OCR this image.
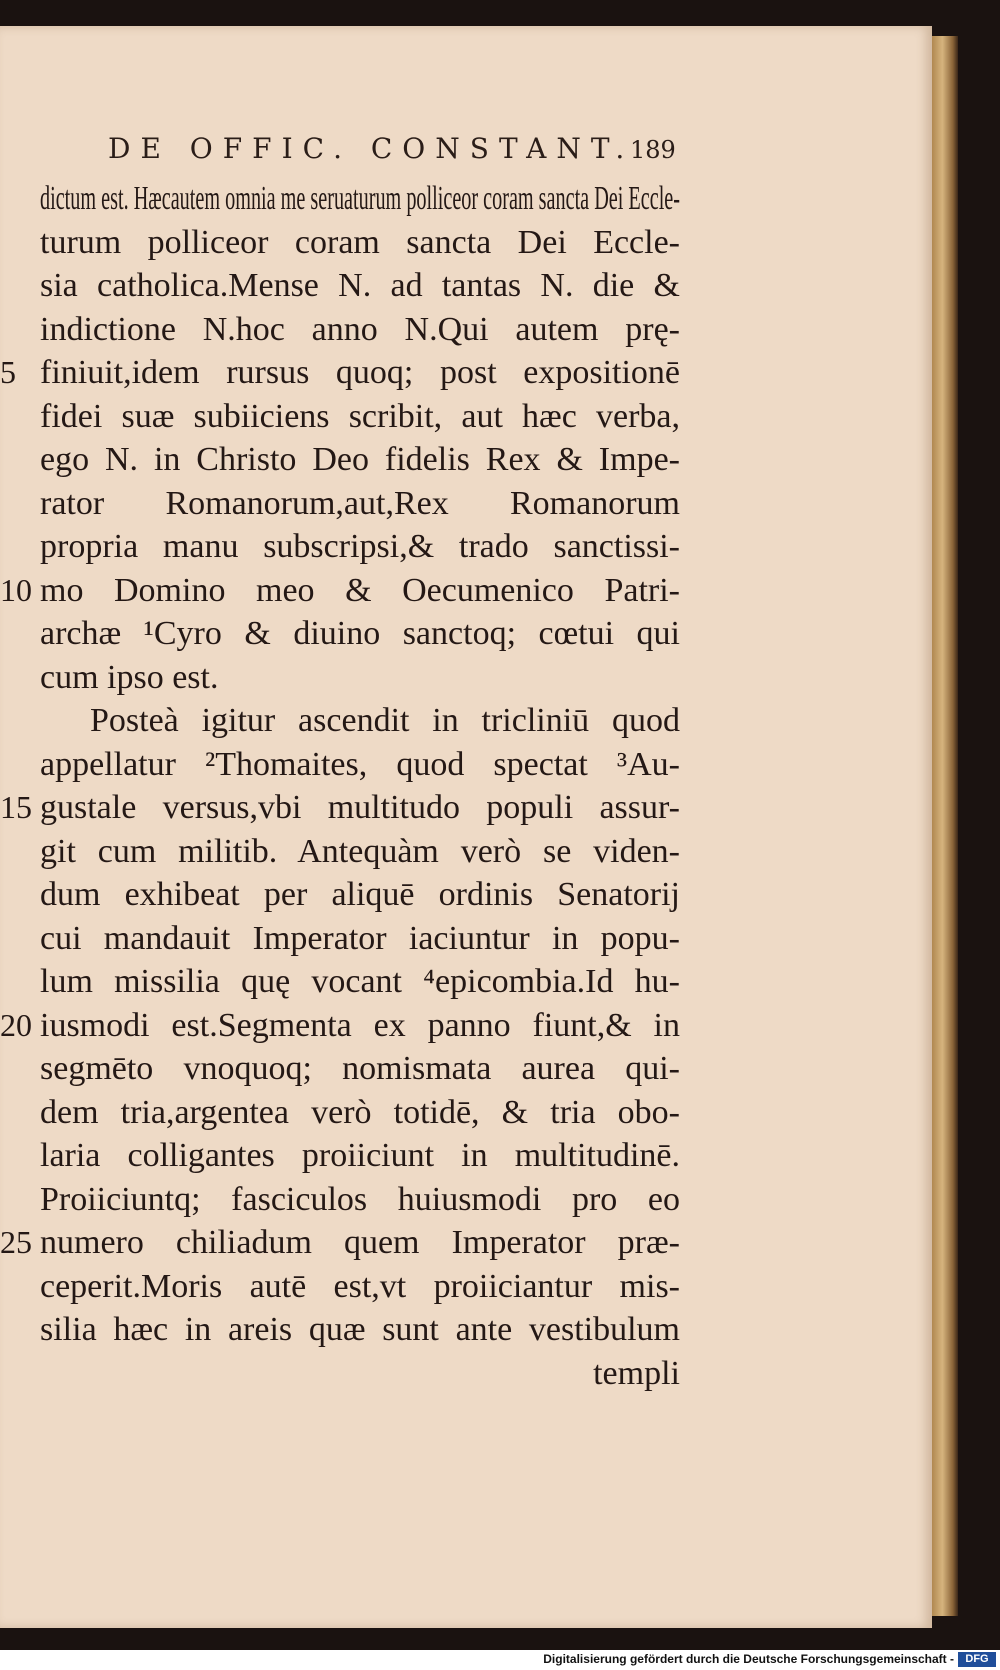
DE OFFIC. CONSTANT.
189
dictum est. Hæcautem omnia me seruaturum polliceor coram sancta Dei Eccle-
turum polliceor coram sancta Dei Eccle-
sia catholica.Mense N. ad tantas N. die &
indictione N.hoc anno N.Qui autem prę-
finiuit,idem rursus quoq; post expositionē
5
fidei suæ subiiciens scribit, aut hæc verba,
ego N. in Christo Deo fidelis Rex & Impe-
rator Romanorum,aut,Rex Romanorum
propria manu subscripsi,& trado sanctissi-
mo Domino meo & Oecumenico Patri-
10
archæ ¹Cyro & diuino sanctoq; cœtui qui
cum ipso est.
Posteà igitur ascendit in tricliniū quod
appellatur ²Thomaites, quod spectat ³Au-
gustale versus,vbi multitudo populi assur-
15
git cum militib. Antequàm verò se viden-
dum exhibeat per aliquē ordinis Senatorij
cui mandauit Imperator iaciuntur in popu-
lum missilia quę vocant ⁴epicombia.Id hu-
iusmodi est.Segmenta ex panno fiunt,& in
20
segmēto vnoquoq; nomismata aurea qui-
dem tria,argentea verò totidē, & tria obo-
laria colligantes proiiciunt in multitudinē.
Proiiciuntq; fasciculos huiusmodi pro eo
numero chiliadum quem Imperator præ-
25
ceperit.Moris autē est,vt proiiciantur mis-
silia hæc in areis quæ sunt ante vestibulum
templi
Digitalisierung gefördert durch die Deutsche Forschungsgemeinschaft -	DFG
